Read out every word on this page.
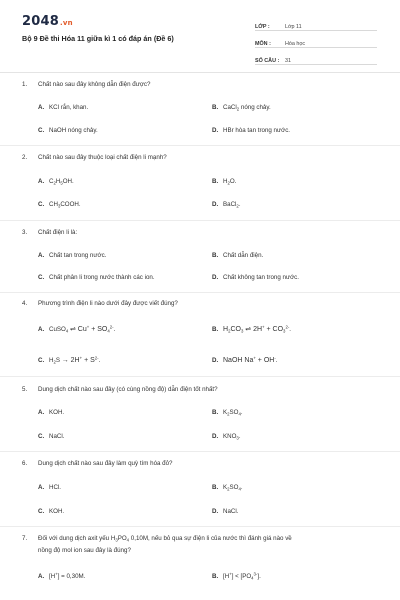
2048.vn
Bộ 9 Đề thi Hóa 11 giữa kì 1 có đáp án (Đề 6)
LỚP :	Lớp 11
MÔN :	Hóa học
SỐ CÂU :	31
1. Chất nào sau đây không dẫn điện được?
A. KCl rắn, khan.	B. CaCl$_2$ nóng chảy.
C. NaOH nóng chảy.	D. HBr hòa tan trong nước.
2. Chất nào sau đây thuộc loại chất điện li mạnh?
A. $C_2H_5OH$.	B. $H_2O$.
C. $CH_3COOH$.	D. BaCl$_2$.
3. Chất điện li là:
A. Chất tan trong nước.	B. Chất dẫn điện.
C. Chất phân li trong nước thành các ion.	D. Chất không tan trong nước.
4. Phương trình điện li nào dưới đây được viết đúng?
A. CuSO$_4$ ⇌ $Cu^+ + SO_4^{2-}$.	B. $H_2CO_3$ ⇌ $2H^+ + CO_3^{2-}$.
C. $H_2S \to 2H^+ + S^{2-}$.	D. NaOH Na+ + OH-.
5. Dung dịch chất nào sau đây (có cùng nồng độ) dẫn điện tốt nhất?
A. KOH.	B. $K_2SO_4$.
C. NaCl.	D. $KNO_3$.
6. Dung dịch chất nào sau đây làm quỳ tím hóa đỏ?
A. HCl.	B. $K_2SO_4$.
C. KOH.	D. NaCl.
7. Đối với dung dịch axit yếu $H_3PO_4$ 0,10M, nếu bỏ qua sự điện li của nước thì đánh giá nào về
nồng độ mol ion sau đây là đúng?
A. [H+] = 0,30M.	B. $[H^+] < [PO_4^{3-}]$.
